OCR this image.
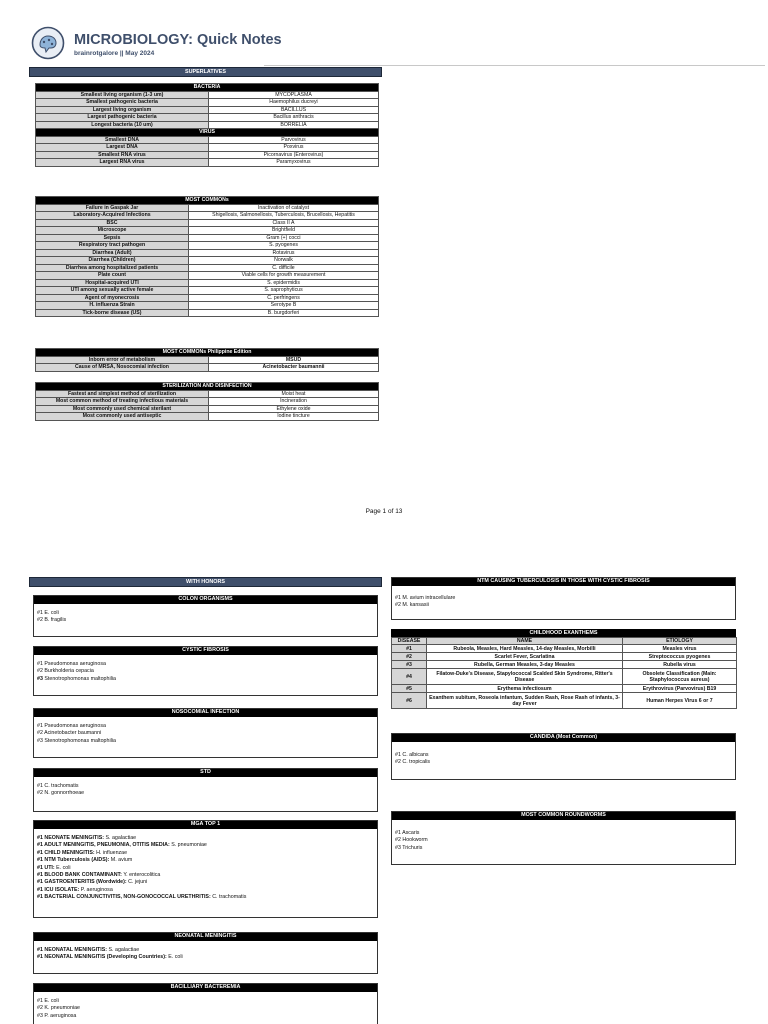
MICROBIOLOGY: Quick Notes
brainrotgalore || May 2024
SUPERLATIVES
BACTERIA	
Smallest living organism (1-3 um)	MYCOPLASMA
Smallest pathogenic bacteria	Haemophilus ducreyi
Largest living organism	BACILLUS
Largest pathogenic bacteria	Bacillus anthracis
Longest bacteria (10 um)	BORRELIA
VIRUS	
Smallest DNA	Parvovirus
Largest DNA	Poxvirus
Smallest RNA virus	Picornavirus (Enterovirus)
Largest RNA virus	Paramyxovirus
MOST COMMONs	
Failure in Gaspak Jar	Inactivation of catalyst
Laboratory-Acquired Infections	Shigellosis, Salmonellosis, Tuberculosis, Brucellosis, Hepatitis
BSC	Class II A
Microscope	Brightfield
Sepsis	Gram (+) cocci
Respiratory tract pathogen	S. pyogenes
Diarrhea (Adult)	Rotavirus
Diarrhea (Children)	Norwalk
Diarrhea among hospitalized patients	C. difficile
Plate count	Viable cells for growth measurement
Hospital-acquired UTI	S. epidermidis
UTI among sexually active female	S. saprophyticus
Agent of myonecrosis	C. perfringens
H. influenza Strain	Serotype B
Tick-borne disease (US)	B. burgdorferi
MOST COMMONs Philippine Edition	
Inborn error of metabolism	MSUD
Cause of MRSA, Nosocomial infection	Acinetobacter baumannii
STERILIZATION AND DISINFECTION	
Fastest and simplest method of sterilization	Moist heat
Most common method of treating infectious materials	Incineration
Most commonly used chemical sterilant	Ethylene oxide
Most commonly used antiseptic	Iodine tincture
Page 1 of 13
WITH HONORS
COLON ORGANISMS
#1 E. coli
#2 B. fragilis
CYSTIC FIBROSIS
#1 Pseudomonas aeruginosa
#2 Burkholderia cepacia
#3 Stenotrophomonas maltophilia
NOSOCOMIAL INFECTION
#1 Pseudomonas aeruginosa
#2 Acinetobacter baumanni
#3 Stenotrophomonas maltophilia
STD
#1 C. trachomatis
#2 N. gonnorrhoeae
MGA TOP 1
#1 NEONATE MENINGITIS: S. agalactiae
#1 ADULT MENINGITIS, PNEUMONIA, OTITIS MEDIA: S. pneumoniae
#1 CHILD MENINGITIS: H. influenzae
#1 NTM Tuberculosis (AIDS): M. avium
#1 UTI: E. coli
#1 BLOOD BANK CONTAMINANT: Y. enterocolitica
#1 GASTROENTERITIS (Wordwide): C. jejuni
#1 ICU ISOLATE: P. aeruginosa
#1 BACTERIAL CONJUNCTIVITIS, NON-GONOCOCCAL URETHRITIS: C. trachomatis
NEONATAL MENINGITIS
#1 NEONATAL MENINGITIS: S. agalactiae
#1 NEONATAL MENINGITIS (Developing Countries): E. coli
BACILLIARY BACTEREMIA
#1 E. coli
#2 K. pneumoniae
#3 P. aeruginosa
NTM CAUSING TUBERCULOSIS IN THOSE WITH CYSTIC FIBROSIS
#1 M. avium intracellulare
#2 M. kansasii
CHILDHOOD EXANTHEMS
DISEASE	NAME	ETIOLOGY
#1	Rubeola, Measles, Hard Measles, 14-day Measles, Morbilli	Measles virus
#2	Scarlet Fever, Scarlatina	Streptococcus pyogenes
#3	Rubella, German Measles, 3-day Measles	Rubella virus
#4	Filatow-Duke's Disease, Stapylococcal Scalded Skin Syndrome, Ritter's Disease	Obsolete Classification (Main: Staphylococcus aureus)
#5	Erythema infectiosum	Erythrovirus (Parvovirus) B19
#6	Exanthem subitum, Roseola infantum, Sudden Rash, Rose Rash of infants, 3-day Fever	Human Herpes Virus 6 or 7
CANDIDA (Most Common)
#1 C. albicans
#2 C. tropicalis
MOST COMMON ROUNDWORMS
#1 Ascaris
#2 Hookworm
#3 Trichuris
